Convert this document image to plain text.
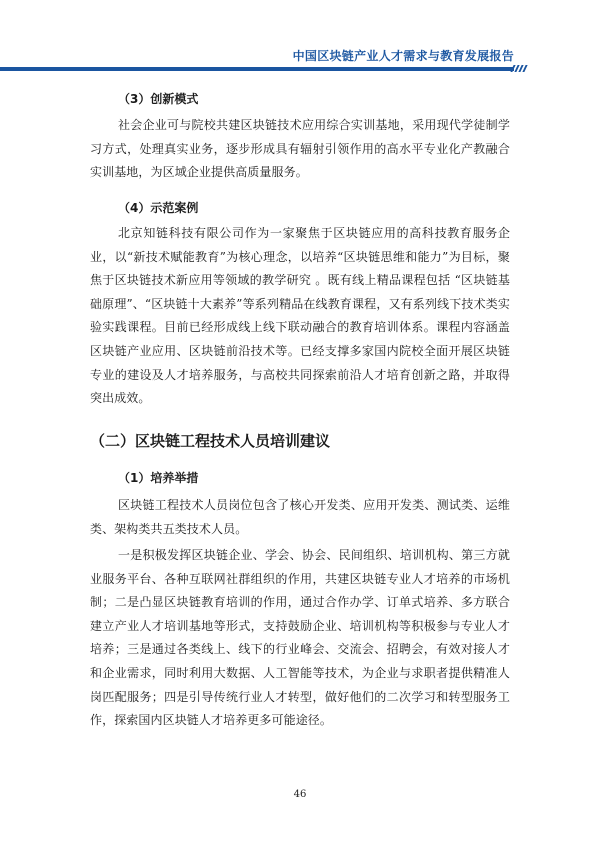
中国区块链产业人才需求与教育发展报告

（3）创新模式

社会企业可与院校共建区块链技术应用综合实训基地，采用现代学徒制学习方式，处理真实业务，逐步形成具有辐射引领作用的高水平专业化产教融合实训基地，为区域企业提供高质量服务。

（4）示范案例

北京知链科技有限公司作为一家聚焦于区块链应用的高科技教育服务企业，以“新技术赋能教育”为核心理念，以培养“区块链思维和能力”为目标，聚焦于区块链技术新应用等领域的教学研究 。既有线上精品课程包括 “区块链基础原理”、“区块链十大素养”等系列精品在线教育课程，又有系列线下技术类实验实践课程。目前已经形成线上线下联动融合的教育培训体系。课程内容涵盖区块链产业应用、区块链前沿技术等。已经支撑多家国内院校全面开展区块链专业的建设及人才培养服务，与高校共同探索前沿人才培育创新之路，并取得突出成效。

（二）区块链工程技术人员培训建议

（1）培养举措

区块链工程技术人员岗位包含了核心开发类、应用开发类、测试类、运维类、架构类共五类技术人员。

一是积极发挥区块链企业、学会、协会、民间组织、培训机构、第三方就业服务平台、各种互联网社群组织的作用，共建区块链专业人才培养的市场机制；二是凸显区块链教育培训的作用，通过合作办学、订单式培养、多方联合建立产业人才培训基地等形式，支持鼓励企业、培训机构等积极参与专业人才培养；三是通过各类线上、线下的行业峰会、交流会、招聘会，有效对接人才和企业需求，同时利用大数据、人工智能等技术，为企业与求职者提供精准人岗匹配服务；四是引导传统行业人才转型，做好他们的二次学习和转型服务工作，探索国内区块链人才培养更多可能途径。

46
